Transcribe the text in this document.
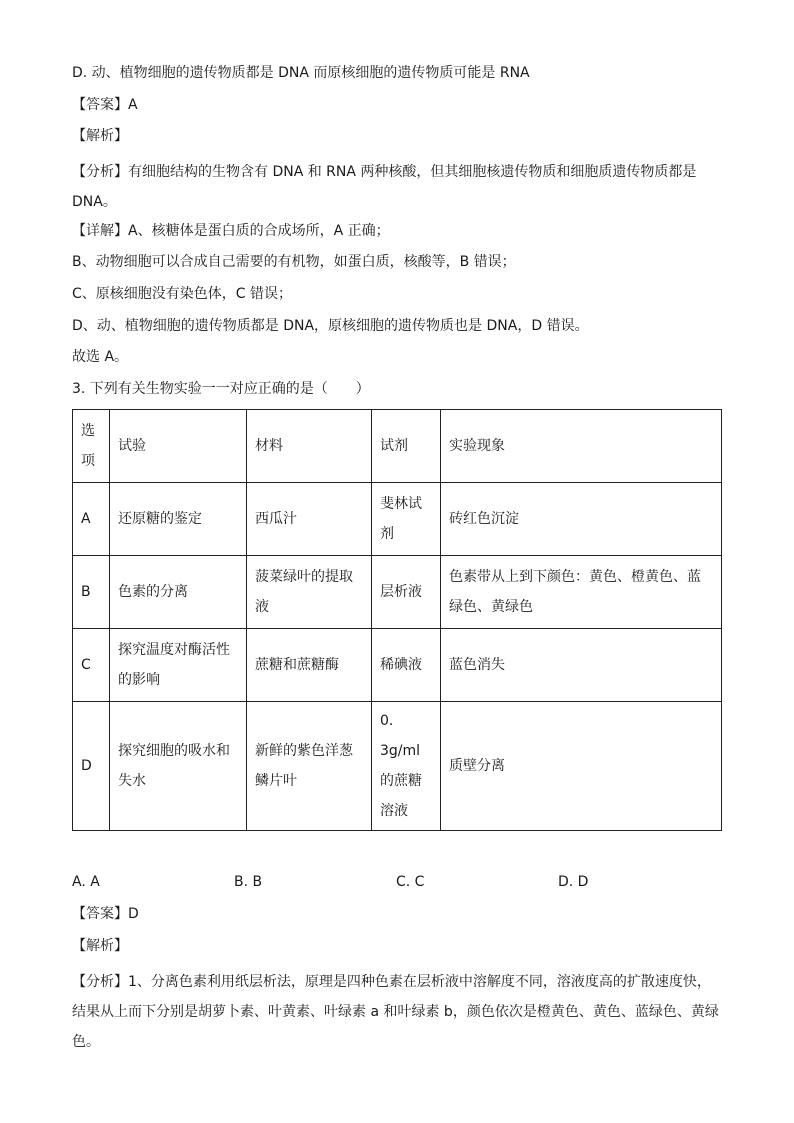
D. 动、植物细胞的遗传物质都是 DNA 而原核细胞的遗传物质可能是 RNA
【答案】A
【解析】
【分析】有细胞结构的生物含有 DNA 和 RNA 两种核酸，但其细胞核遗传物质和细胞质遗传物质都是 DNA。
【详解】A、核糖体是蛋白质的合成场所，A 正确；
B、动物细胞可以合成自己需要的有机物，如蛋白质，核酸等，B 错误；
C、原核细胞没有染色体，C 错误；
D、动、植物细胞的遗传物质都是 DNA，原核细胞的遗传物质也是 DNA，D 错误。
故选 A。
3. 下列有关生物实验一一对应正确的是（　　）
选项	试验	材料	试剂	实验现象
A	还原糖的鉴定	西瓜汁	斐林试剂	砖红色沉淀
B	色素的分离	菠菜绿叶的提取液	层析液	色素带从上到下颜色：黄色、橙黄色、蓝绿色、黄绿色
C	探究温度对酶活性的影响	蔗糖和蔗糖酶	稀碘液	蓝色消失
D	探究细胞的吸水和失水	新鲜的紫色洋葱鳞片叶	0．3g/ml 的蔗糖溶液	质壁分离
A. A	B. B	C. C	D. D
【答案】D
【解析】
【分析】1、分离色素利用纸层析法，原理是四种色素在层析液中溶解度不同，溶液度高的扩散速度快，结果从上而下分别是胡萝卜素、叶黄素、叶绿素 a 和叶绿素 b，颜色依次是橙黄色、黄色、蓝绿色、黄绿色。
